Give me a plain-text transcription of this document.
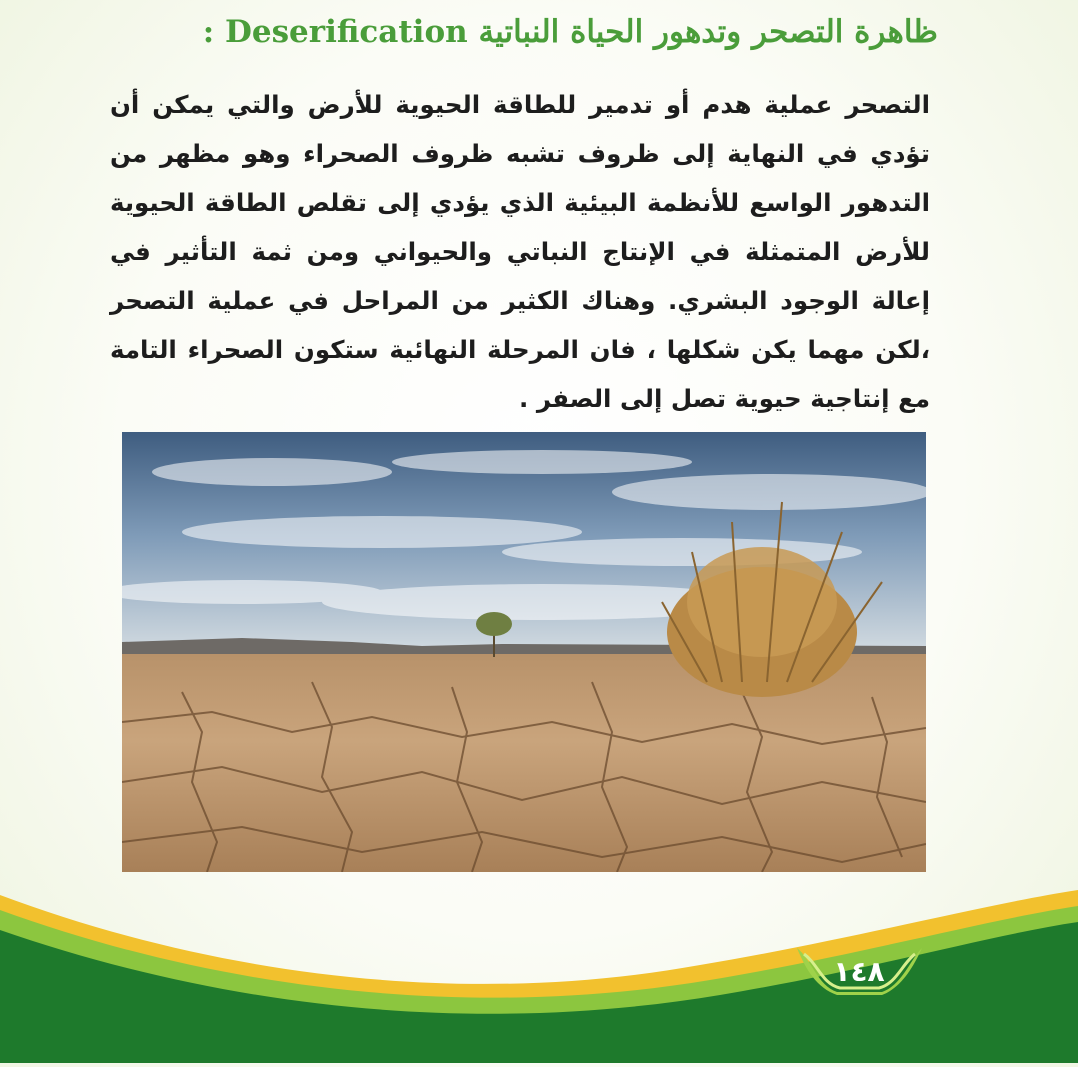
ظاهرة التصحر وتدهور الحياة النباتية Deserification :

التصحر عملية هدم أو تدمير للطاقة الحيوية للأرض والتي يمكن أن تؤدي في النهاية إلى ظروف تشبه ظروف الصحراء وهو مظهر من التدهور الواسع للأنظمة البيئية الذي يؤدي إلى تقلص الطاقة الحيوية للأرض المتمثلة في الإنتاج النباتي والحيواني ومن ثمة التأثير في إعالة الوجود البشري. وهناك الكثير من المراحل في عملية التصحر ،لكن مهما يكن شكلها ، فان المرحلة النهائية ستكون الصحراء التامة مع إنتاجية حيوية تصل إلى الصفر .

١٤٨
